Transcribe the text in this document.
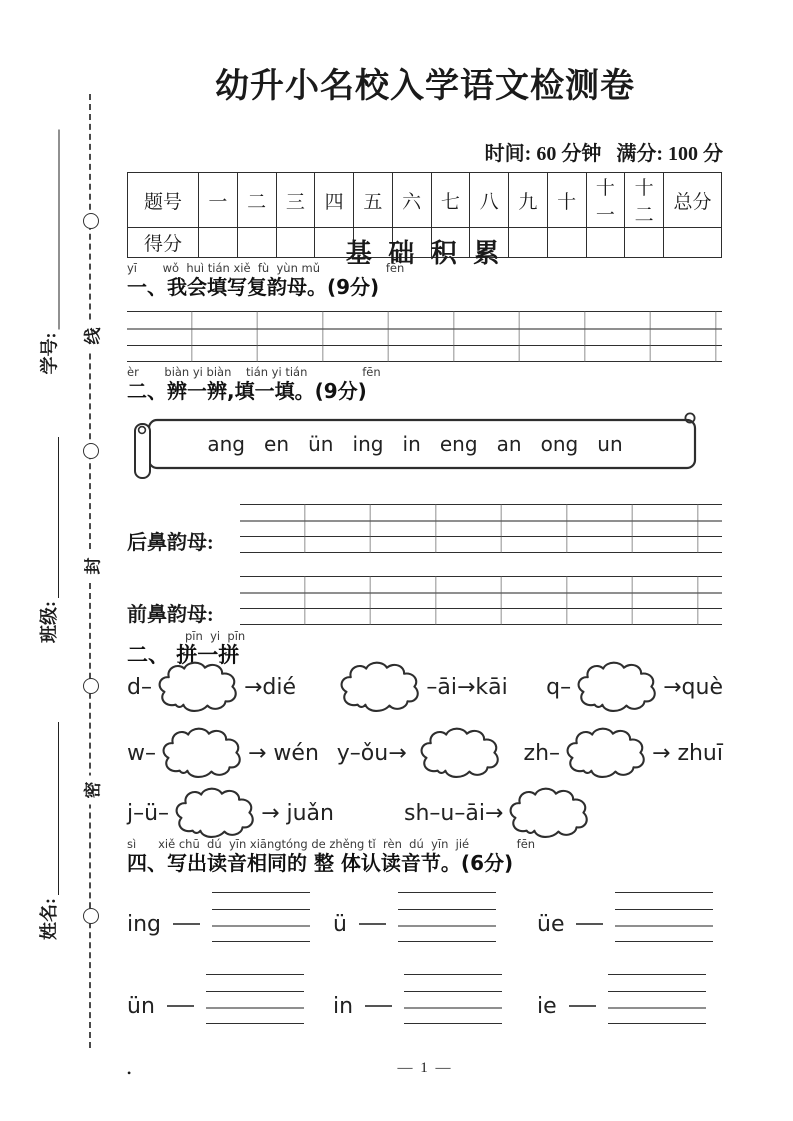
线
封
密
学号:
班级:
姓名:
幼升小名校入学语文检测卷
时间: 60 分钟   满分: 100 分
题号	一	二	三	四	五	六	七	八	九	十	十一	十二	总分
得分														基 础 积 累
yī       wǒ  huì tián xiě  fù  yùn mǔ                  fēn
一、我会填写复韵母。(9分)
èr       biàn yi biàn    tián yi tián               fēn
二、辨一辨,填一填。(9分)
ang   en   ün   ing   in   eng   an   ong   un
后鼻韵母:
前鼻韵母:
pīn  yi  pīn
二、 拼一拼
d–	→dié	–āi→kāi q–	→què
w–	→ wén y–ǒu→	zh–	→ zhuī
j–ü–	→ juǎn	sh–u–āi→
sì      xiě chū  dú  yīn xiāngtóng de zhěng tǐ  rèn  dú  yīn  jié             fēn
四、写出读音相同的 整 体认读音节。(6分)
ing	ü	üe
ün	in	ie
— 1 —
•
